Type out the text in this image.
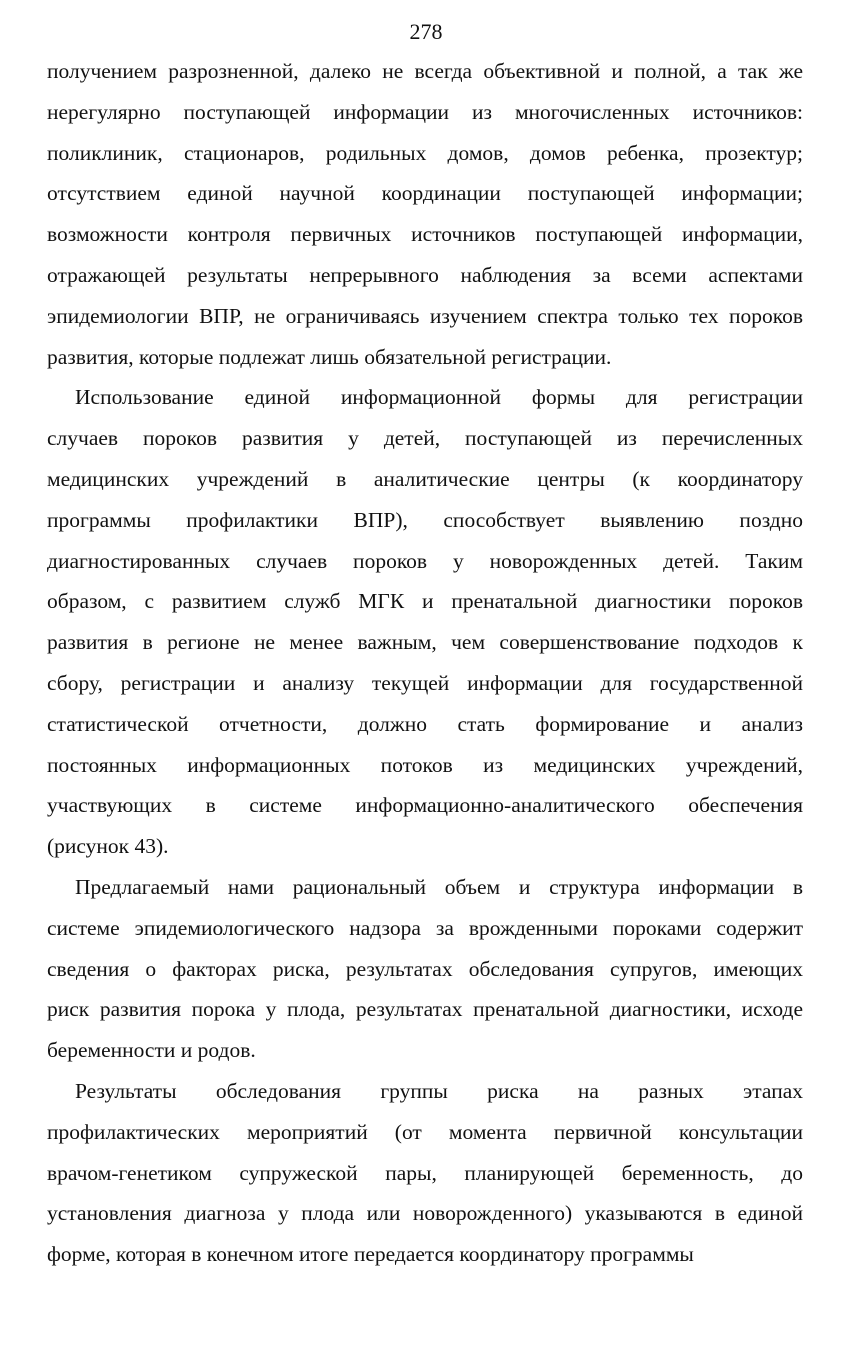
278
получением разрозненной, далеко не всегда объективной и полной, а так же
нерегулярно поступающей информации из многочисленных источников:
поликлиник, стационаров, родильных домов, домов ребенка, прозектур;
отсутствием единой научной координации поступающей информации;
возможности контроля первичных источников поступающей информации,
отражающей результаты непрерывного наблюдения за всеми аспектами
эпидемиологии ВПР, не ограничиваясь изучением спектра только тех пороков
развития, которые подлежат лишь обязательной регистрации.
Использование единой информационной формы для регистрации
случаев пороков развития у детей, поступающей из перечисленных
медицинских учреждений в аналитические центры (к координатору
программы профилактики ВПР), способствует выявлению поздно
диагностированных случаев пороков у новорожденных детей. Таким
образом, с развитием служб МГК и пренатальной диагностики пороков
развития в регионе не менее важным, чем совершенствование подходов к
сбору, регистрации и анализу текущей информации для государственной
статистической отчетности, должно стать формирование и анализ
постоянных информационных потоков из медицинских учреждений,
участвующих в системе информационно-аналитического обеспечения
(рисунок 43).
Предлагаемый нами рациональный объем и структура информации в
системе эпидемиологического надзора за врожденными пороками содержит
сведения о факторах риска, результатах обследования супругов, имеющих
риск развития порока у плода, результатах пренатальной диагностики, исходе
беременности и родов.
Результаты обследования группы риска на разных этапах
профилактических мероприятий (от момента первичной консультации
врачом-генетиком супружеской пары, планирующей беременность, до
установления диагноза у плода или новорожденного) указываются в единой
форме, которая в конечном итоге передается координатору программы
